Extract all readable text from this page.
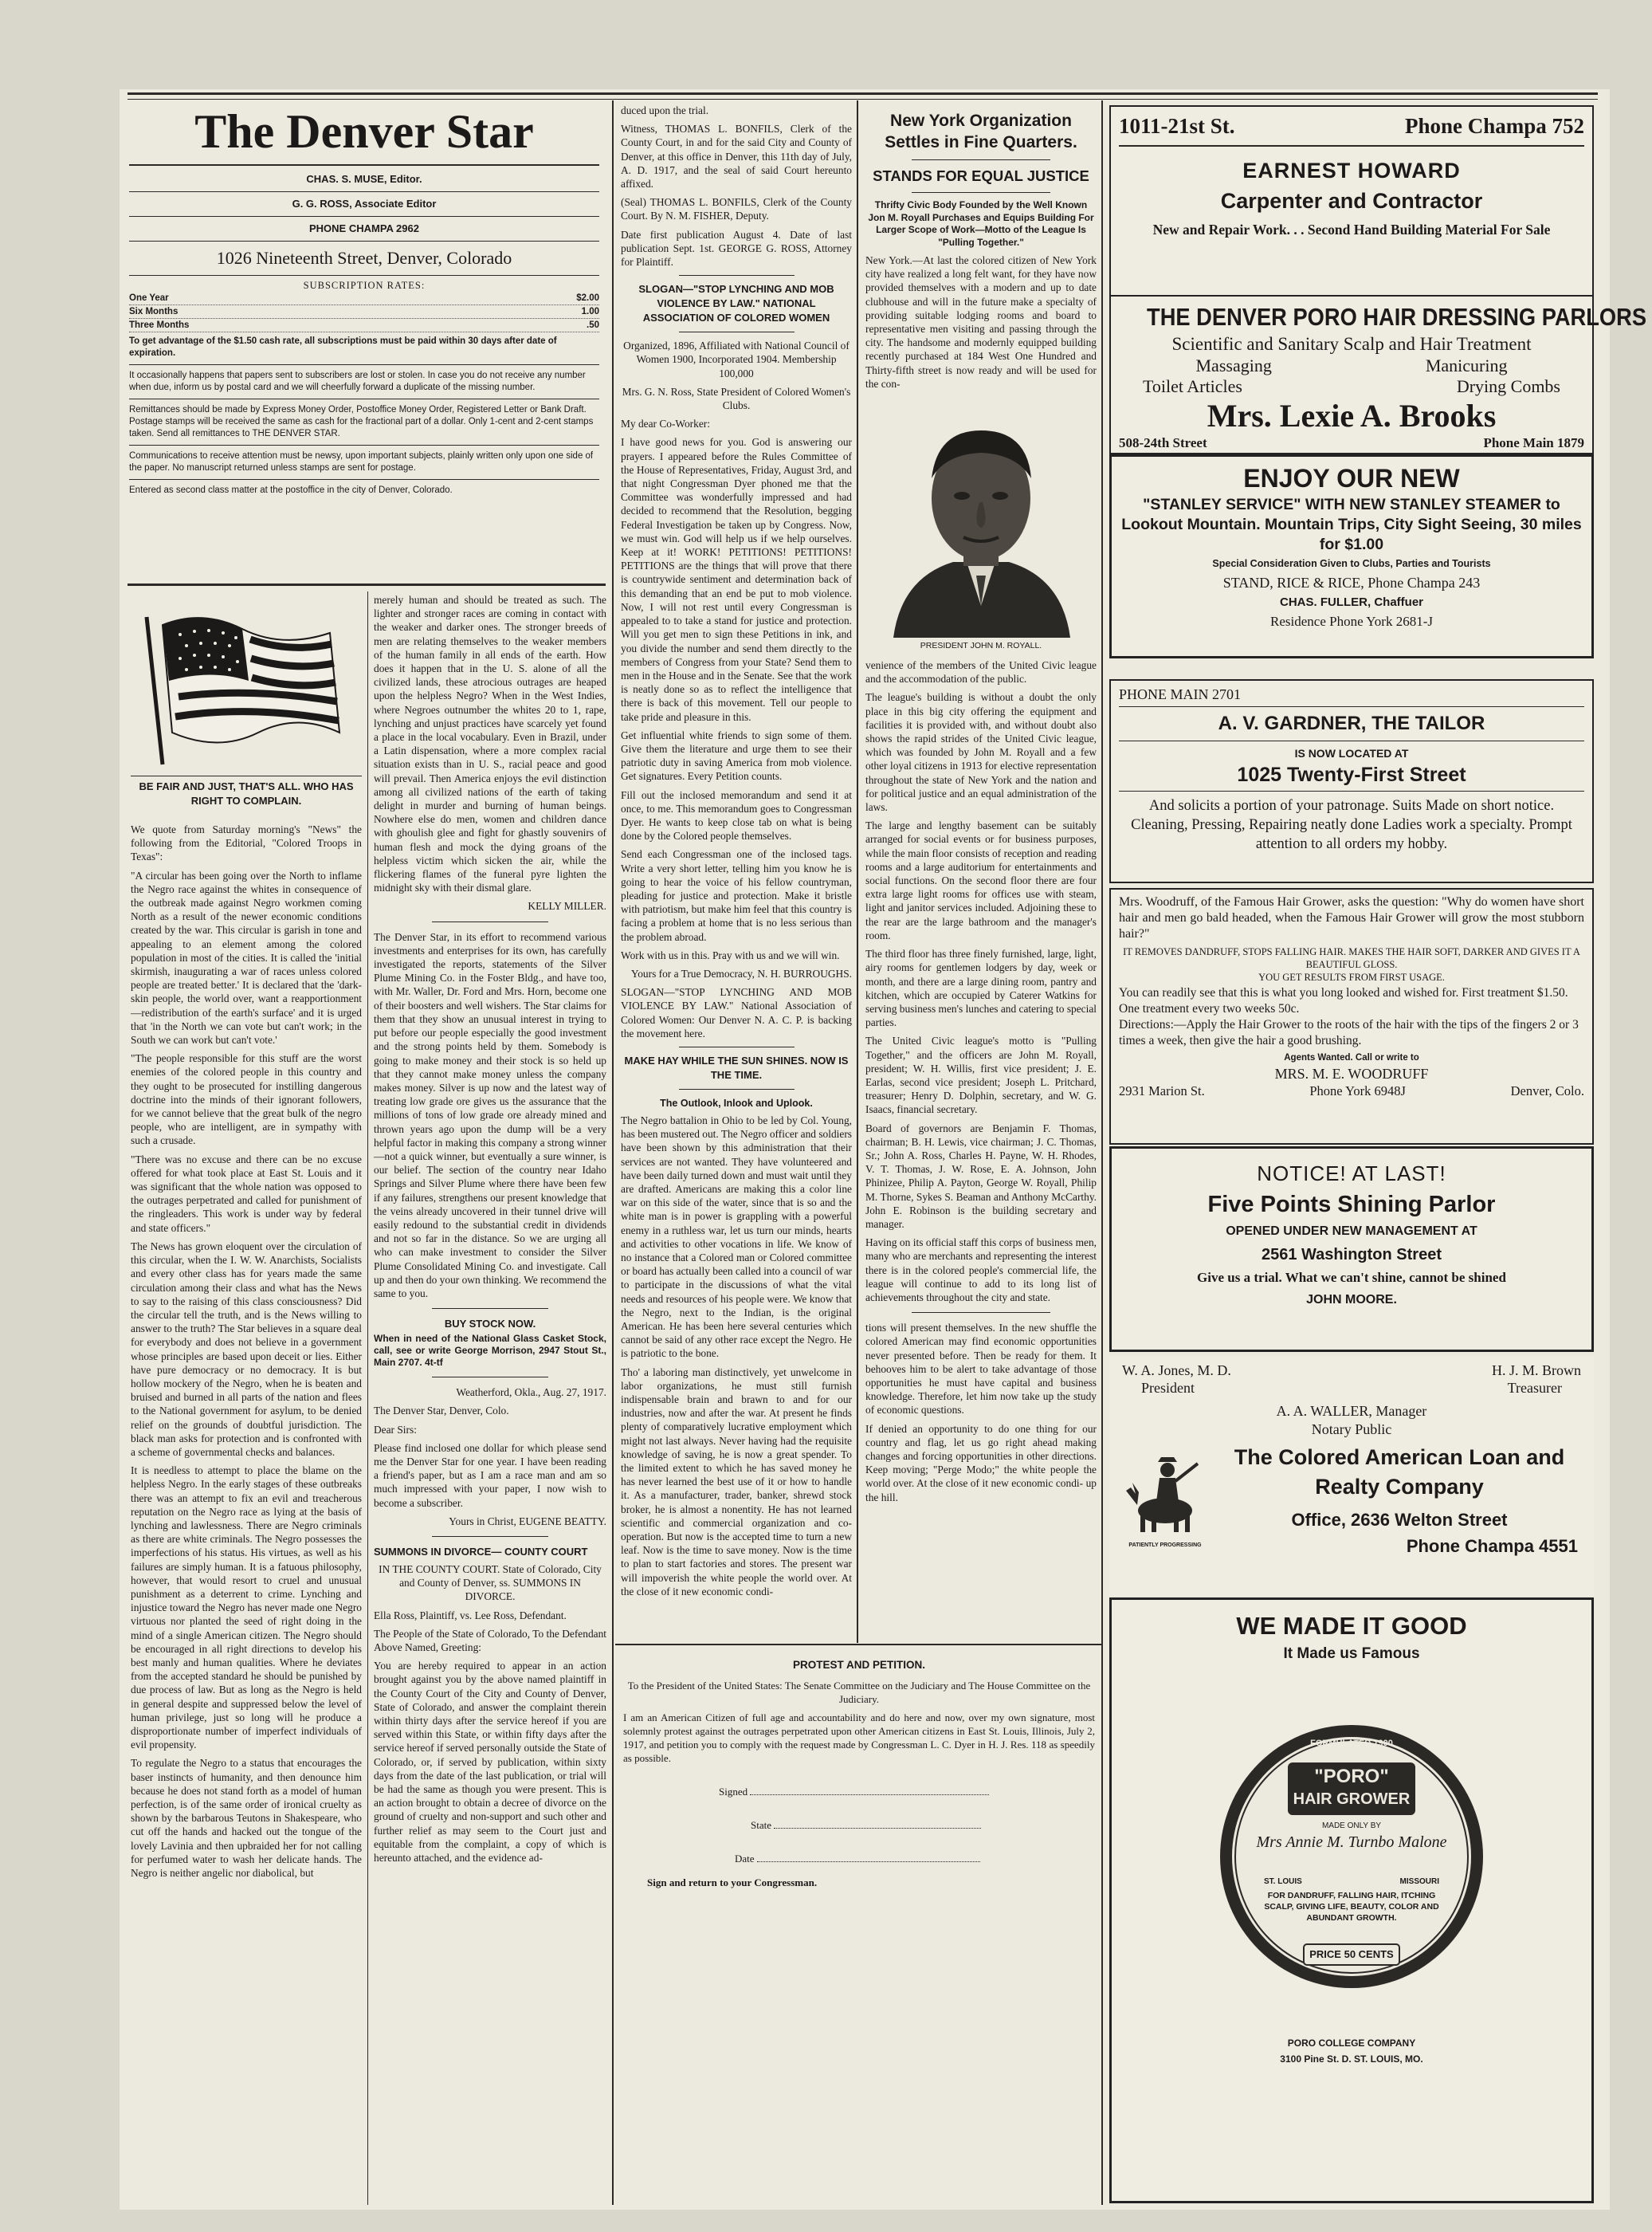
The Denver Star
CHAS. S. MUSE, Editor.
G. G. ROSS, Associate Editor
PHONE CHAMPA 2962
1026 Nineteenth Street, Denver, Colorado
SUBSCRIPTION RATES:
One Year	$2.00
Six Months	1.00
Three Months	.50

To get advantage of the $1.50 cash rate, all subscriptions must be paid within 30 days after date of expiration.

It occasionally happens that papers sent to subscribers are lost or stolen. In case you do not receive any number when due, inform us by postal card and we will cheerfully forward a duplicate of the missing number.

Remittances should be made by Express Money Order, Postoffice Money Order, Registered Letter or Bank Draft. Postage stamps will be received the same as cash for the fractional part of a dollar. Only 1-cent and 2-cent stamps taken. Send all remittances to THE DENVER STAR.

Communications to receive attention must be newsy, upon important subjects, plainly written only upon one side of the paper. No manuscript returned unless stamps are sent for postage.

Entered as second class matter at the postoffice in the city of Denver, Colorado.

BE FAIR AND JUST, THAT'S ALL. WHO HAS RIGHT TO COMPLAIN.

We quote from Saturday morning's "News" the following from the Editorial, "Colored Troops in Texas":

"A circular has been going over the North to inflame the Negro race against the whites in consequence of the outbreak made against Negro workmen coming North as a result of the newer economic conditions created by the war. This circular is garish in tone and appealing to an element among the colored population in most of the cities. It is called the 'initial skirmish, inaugurating a war of races unless colored people are treated better.' It is declared that the 'dark-skin people, the world over, want a reapportionment—redistribution of the earth's surface' and it is urged that 'in the North we can vote but can't work; in the South we can work but can't vote.'

"The people responsible for this stuff are the worst enemies of the colored people in this country and they ought to be prosecuted for instilling dangerous doctrine into the minds of their ignorant followers, for we cannot believe that the great bulk of the negro people, who are intelligent, are in sympathy with such a crusade.

"There was no excuse and there can be no excuse offered for what took place at East St. Louis and it was significant that the whole nation was opposed to the outrages perpetrated and called for punishment of the ringleaders. This work is under way by federal and state officers."

The News has grown eloquent over the circulation of this circular, when the I. W. W. Anarchists, Socialists and every other class has for years made the same circulation among their class and what has the News to say to the raising of this class consciousness? Did the circular tell the truth, and is the News willing to answer to the truth? The Star believes in a square deal for everybody and does not believe in a government whose principles are based upon deceit or lies. Either have pure democracy or no democracy. It is but hollow mockery of the Negro, when he is beaten and bruised and burned in all parts of the nation and flees to the National government for asylum, to be denied relief on the grounds of doubtful jurisdiction. The black man asks for protection and is confronted with a scheme of governmental checks and balances.

It is needless to attempt to place the blame on the helpless Negro. In the early stages of these outbreaks there was an attempt to fix an evil and treacherous reputation on the Negro race as lying at the basis of lynching and lawlessness. There are Negro criminals as there are white criminals. The Negro possesses the imperfections of his status. His virtues, as well as his failures are simply human. It is a fatuous philosophy, however, that would resort to cruel and unusual punishment as a deterrent to crime. Lynching and injustice toward the Negro has never made one Negro virtuous nor planted the seed of right doing in the mind of a single American citizen. The Negro should be encouraged in all right directions to develop his best manly and human qualities. Where he deviates from the accepted standard he should be punished by due process of law. But as long as the Negro is held in general despite and suppressed below the level of human privilege, just so long will he produce a disproportionate number of imperfect individuals of evil propensity.

To regulate the Negro to a status that encourages the baser instincts of humanity, and then denounce him because he does not stand forth as a model of human perfection, is of the same order of ironical cruelty as shown by the barbarous Teutons in Shakespeare, who cut off the hands and hacked out the tongue of the lovely Lavinia and then upbraided her for not calling for perfumed water to wash her delicate hands. The Negro is neither angelic nor diabolical, but

merely human and should be treated as such. The lighter and stronger races are coming in contact with the weaker and darker ones. The stronger breeds of men are relating themselves to the weaker members of the human family in all ends of the earth. How does it happen that in the U. S. alone of all the civilized lands, these atrocious outrages are heaped upon the helpless Negro? When in the West Indies, where Negroes outnumber the whites 20 to 1, rape, lynching and unjust practices have scarcely yet found a place in the local vocabulary. Even in Brazil, under a Latin dispensation, where a more complex racial situation exists than in U. S., racial peace and good will prevail. Then America enjoys the evil distinction among all civilized nations of the earth of taking delight in murder and burning of human beings. Nowhere else do men, women and children dance with ghoulish glee and fight for ghastly souvenirs of human flesh and mock the dying groans of the helpless victim which sicken the air, while the flickering flames of the funeral pyre lighten the midnight sky with their dismal glare.

KELLY MILLER.

The Denver Star, in its effort to recommend various investments and enterprises for its own, has carefully investigated the reports, statements of the Silver Plume Mining Co. in the Foster Bldg., and have too, with Mr. Waller, Dr. Ford and Mrs. Horn, become one of their boosters and well wishers. The Star claims for them that they show an unusual interest in trying to put before our people especially the good investment and the strong points held by them. Somebody is going to make money and their stock is so held up that they cannot make money unless the company makes money. Silver is up now and the latest way of treating low grade ore gives us the assurance that the millions of tons of low grade ore already mined and thrown years ago upon the dump will be a very helpful factor in making this company a strong winner—not a quick winner, but eventually a sure winner, is our belief. The section of the country near Idaho Springs and Silver Plume where there have been few if any failures, strengthens our present knowledge that the veins already uncovered in their tunnel drive will easily redound to the substantial credit in dividends and not so far in the distance. So we are urging all who can make investment to consider the Silver Plume Consolidated Mining Co. and investigate. Call up and then do your own thinking. We recommend the same to you.

BUY STOCK NOW.

When in need of the National Glass Casket Stock, call, see or write George Morrison, 2947 Stout St., Main 2707. 4t-tf

Weatherford, Okla., Aug. 27, 1917.

The Denver Star, Denver, Colo.

Dear Sirs:

Please find inclosed one dollar for which please send me the Denver Star for one year. I have been reading a friend's paper, but as I am a race man and am so much impressed with your paper, I now wish to become a subscriber.

Yours in Christ, EUGENE BEATTY.

SUMMONS IN DIVORCE— COUNTY COURT

IN THE COUNTY COURT. State of Colorado, City and County of Denver, ss. SUMMONS IN DIVORCE.

Ella Ross, Plaintiff, vs. Lee Ross, Defendant.

The People of the State of Colorado, To the Defendant Above Named, Greeting:

You are hereby required to appear in an action brought against you by the above named plaintiff in the County Court of the City and County of Denver, State of Colorado, and answer the complaint therein within thirty days after the service hereof if you are served within this State, or within fifty days after the service hereof if served personally outside the State of Colorado, or, if served by publication, within sixty days from the date of the last publication, or trial will be had the same as though you were present. This is an action brought to obtain a decree of divorce on the ground of cruelty and non-support and such other and further relief as may seem to the Court just and equitable from the complaint, a copy of which is hereunto attached, and the evidence ad-

duced upon the trial.

Witness, THOMAS L. BONFILS, Clerk of the County Court, in and for the said City and County of Denver, at this office in Denver, this 11th day of July, A. D. 1917, and the seal of said Court hereunto affixed.

(Seal) THOMAS L. BONFILS, Clerk of the County Court. By N. M. FISHER, Deputy.

Date first publication August 4. Date of last publication Sept. 1st. GEORGE G. ROSS, Attorney for Plaintiff.

SLOGAN—"STOP LYNCHING AND MOB VIOLENCE BY LAW." NATIONAL ASSOCIATION OF COLORED WOMEN

Organized, 1896, Affiliated with National Council of Women 1900, Incorporated 1904. Membership 100,000

Mrs. G. N. Ross, State President of Colored Women's Clubs.

My dear Co-Worker:

I have good news for you. God is answering our prayers. I appeared before the Rules Committee of the House of Representatives, Friday, August 3rd, and that night Congressman Dyer phoned me that the Committee was wonderfully impressed and had decided to recommend that the Resolution, begging Federal Investigation be taken up by Congress. Now, we must win. God will help us if we help ourselves. Keep at it! WORK! PETITIONS! PETITIONS! PETITIONS are the things that will prove that there is countrywide sentiment and determination back of this demanding that an end be put to mob violence. Now, I will not rest until every Congressman is appealed to to take a stand for justice and protection. Will you get men to sign these Petitions in ink, and you divide the number and send them directly to the members of Congress from your State? Send them to men in the House and in the Senate. See that the work is neatly done so as to reflect the intelligence that there is back of this movement. Tell our people to take pride and pleasure in this.

Get influential white friends to sign some of them. Give them the literature and urge them to see their patriotic duty in saving America from mob violence. Get signatures. Every Petition counts.

Fill out the inclosed memorandum and send it at once, to me. This memorandum goes to Congressman Dyer. He wants to keep close tab on what is being done by the Colored people themselves.

Send each Congressman one of the inclosed tags. Write a very short letter, telling him you know he is going to hear the voice of his fellow countryman, pleading for justice and protection. Make it bristle with patriotism, but make him feel that this country is facing a problem at home that is no less serious than the problem abroad.

Work with us in this. Pray with us and we will win.

Yours for a True Democracy, N. H. BURROUGHS.

SLOGAN—"STOP LYNCHING AND MOB VIOLENCE BY LAW." National Association of Colored Women: Our Denver N. A. C. P. is backing the movement here.

MAKE HAY WHILE THE SUN SHINES. NOW IS THE TIME.
The Outlook, Inlook and Uplook.

The Negro battalion in Ohio to be led by Col. Young, has been mustered out. The Negro officer and soldiers have been shown by this administration that their services are not wanted. They have volunteered and have been daily turned down and must wait until they are drafted. Americans are making this a color line war on this side of the water, since that is so and the white man is in power is grappling with a powerful enemy in a ruthless war, let us turn our minds, hearts and activities to other vocations in life. We know of no instance that a Colored man or Colored committee or board has actually been called into a council of war to participate in the discussions of what the vital needs and resources of his people were. We know that the Negro, next to the Indian, is the original American. He has been here several centuries which cannot be said of any other race except the Negro. He is patriotic to the bone.

Tho' a laboring man distinctively, yet unwelcome in labor organizations, he must still furnish indispensable brain and brawn to and for our industries, now and after the war. At present he finds plenty of comparatively lucrative employment which might not last always. Never having had the requisite knowledge of saving, he is now a great spender. To the limited extent to which he has saved money he has never learned the best use of it or how to handle it. As a manufacturer, trader, banker, shrewd stock broker, he is almost a nonentity. He has not learned scientific and commercial organization and co-operation. But now is the accepted time to turn a new leaf. Now is the time to save money. Now is the time to plan to start factories and stores. The present war will impoverish the white people the world over. At the close of it new economic condi-

New York Organization Settles in Fine Quarters.
STANDS FOR EQUAL JUSTICE

Thrifty Civic Body Founded by the Well Known Jon M. Royall Purchases and Equips Building For Larger Scope of Work—Motto of the League Is "Pulling Together."

New York.—At last the colored citizen of New York city have realized a long felt want, for they have now provided themselves with a modern and up to date clubhouse and will in the future make a specialty of providing suitable lodging rooms and board to representative men visiting and passing through the city. The handsome and modernly equipped building recently purchased at 184 West One Hundred and Thirty-fifth street is now ready and will be used for the con-

PRESIDENT JOHN M. ROYALL.

venience of the members of the United Civic league and the accommodation of the public.

The league's building is without a doubt the only place in this big city offering the equipment and facilities it is provided with, and without doubt also shows the rapid strides of the United Civic league, which was founded by John M. Royall and a few other loyal citizens in 1913 for elective representation throughout the state of New York and the nation and for political justice and an equal administration of the laws.

The large and lengthy basement can be suitably arranged for social events or for business purposes, while the main floor consists of reception and reading rooms and a large auditorium for entertainments and social functions. On the second floor there are four extra large light rooms for offices use with steam, light and janitor services included. Adjoining these to the rear are the large bathroom and the manager's room.

The third floor has three finely furnished, large, light, airy rooms for gentlemen lodgers by day, week or month, and there are a large dining room, pantry and kitchen, which are occupied by Caterer Watkins for serving business men's lunches and catering to special parties.

The United Civic league's motto is "Pulling Together," and the officers are John M. Royall, president; W. H. Willis, first vice president; J. E. Earlas, second vice president; Joseph L. Pritchard, treasurer; Henry D. Dolphin, secretary, and W. G. Isaacs, financial secretary.

Board of governors are Benjamin F. Thomas, chairman; B. H. Lewis, vice chairman; J. C. Thomas, Sr.; John A. Ross, Charles H. Payne, W. H. Rhodes, V. T. Thomas, J. W. Rose, E. A. Johnson, John Phinizee, Philip A. Payton, George W. Royall, Philip M. Thorne, Sykes S. Beaman and Anthony McCarthy. John E. Robinson is the building secretary and manager.

Having on its official staff this corps of business men, many who are merchants and representing the interest there is in the colored people's commercial life, the league will continue to add to its long list of achievements throughout the city and state.

tions will present themselves. In the new shuffle the colored American may find economic opportunities never presented before. Then be ready for them. It behooves him to be alert to take advantage of those opportunities he must have capital and business knowledge. Therefore, let him now take up the study of economic questions.

If denied an opportunity to do one thing for our country and flag, let us go right ahead making changes and forcing opportunities in other directions. Keep moving; "Perge Modo;" the white people the world over. At the close of it new economic condi- up the hill.

PROTEST AND PETITION.

To the President of the United States: The Senate Committee on the Judiciary and The House Committee on the Judiciary.

I am an American Citizen of full age and accountability and do here and now, over my own signature, most solemnly protest against the outrages perpetrated upon other American citizens in East St. Louis, Illinois, July 2, 1917, and petition you to comply with the request made by Congressman L. C. Dyer in H. J. Res. 118 as speedily as possible.

Signed
State
Date
Sign and return to your Congressman.
1011-21st St.	Phone Champa 752
EARNEST HOWARD
Carpenter and Contractor
New and Repair Work. . . Second Hand Building Material For Sale
THE DENVER PORO HAIR DRESSING PARLORS
Scientific and Sanitary Scalp and Hair Treatment
Massaging	Manicuring
Toilet Articles	Drying Combs
Mrs. Lexie A. Brooks
508-24th Street	Phone Main 1879
ENJOY OUR NEW
"STANLEY SERVICE" WITH NEW STANLEY STEAMER to Lookout Mountain. Mountain Trips, City Sight Seeing, 30 miles for $1.00
Special Consideration Given to Clubs, Parties and Tourists
STAND, RICE & RICE, Phone Champa 243
CHAS. FULLER, Chaffuer
Residence Phone York 2681-J
PHONE MAIN 2701
A. V. GARDNER, THE TAILOR
IS NOW LOCATED AT
1025 Twenty-First Street
And solicits a portion of your patronage. Suits Made on short notice. Cleaning, Pressing, Repairing neatly done Ladies work a specialty. Prompt attention to all orders my hobby.
Mrs. Woodruff, of the Famous Hair Grower, asks the question: "Why do women have short hair and men go bald headed, when the Famous Hair Grower will grow the most stubborn hair?"
IT REMOVES DANDRUFF, STOPS FALLING HAIR. MAKES THE HAIR SOFT, DARKER AND GIVES IT A BEAUTIFUL GLOSS.
YOU GET RESULTS FROM FIRST USAGE.
You can readily see that this is what you long looked and wished for. First treatment $1.50. One treatment every two weeks 50c.
Directions:—Apply the Hair Grower to the roots of the hair with the tips of the fingers 2 or 3 times a week, then give the hair a good brushing.
Agents Wanted. Call or write to
MRS. M. E. WOODRUFF
2931 Marion St.	Phone York 6948J	Denver, Colo.
NOTICE! AT LAST!
Five Points Shining Parlor
OPENED UNDER NEW MANAGEMENT AT
2561 Washington Street
Give us a trial. What we can't shine, cannot be shined
JOHN MOORE.
W. A. Jones, M. D.	H. J. M. Brown
President	Treasurer
A. A. WALLER, Manager
Notary Public
PATIENTLY PROGRESSING
The Colored American Loan and Realty Company
Office, 2636 Welton Street
Phone Champa 4551
WE MADE IT GOOD
It Made us Famous
FORMULATED 1900
"PORO"
HAIR GROWER
MADE ONLY BY
Mrs Annie M. Turnbo Malone
ST. LOUIS	MISSOURI
FOR DANDRUFF, FALLING HAIR, ITCHING SCALP, GIVING LIFE, BEAUTY, COLOR AND ABUNDANT GROWTH.
PRICE 50 CENTS
PORO COLLEGE COMPANY
3100 Pine St. D. ST. LOUIS, MO.
